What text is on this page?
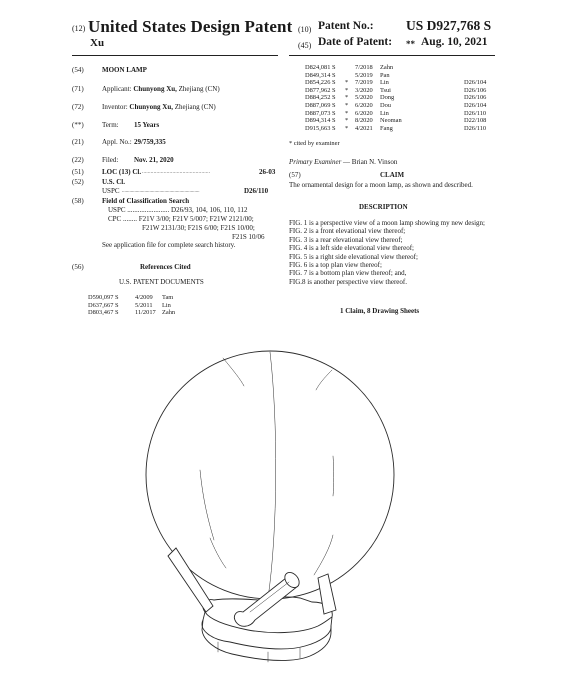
(12) United States Design Patent
Xu
(10) Patent No.: US D927,768 S
(45) Date of Patent: ** Aug. 10, 2021
(54)	MOON LAMP
(71)	Applicant: Chunyong Xu, Zhejiang (CN)
(72)	Inventor: Chunyong Xu, Zhejiang (CN)
(**)	Term: 15 Years
(21)	Appl. No.: 29/759,335
(22)	Filed: Nov. 21, 2020
(51)	LOC (13) Cl. ...............................................	26-03
(52)	U.S. Cl.
USPC ..............................................................	D26/110
(58)	Field of Classification Search
USPC ........................ D26/93, 104, 106, 110, 112
CPC ........ F21V 3/00; F21V 5/007; F21W 2121/00;
F21W 2131/30; F21S 6/00; F21S 10/00;
F21S 10/06
See application file for complete search history.
(56)	References Cited
U.S. PATENT DOCUMENTS
D590,097 S	4/2009	Tam
D637,667 S	5/2011	Lin
D803,467 S	11/2017 Zahn
D824,081 S	7/2018	Zahn
D849,314 S	5/2019	Pan
D854,226 S	*	7/2019	Lin	D26/104
D877,962 S	*	3/2020	Tsui	D26/106
D884,252 S	*	5/2020	Dong	D26/106
D887,069 S	*	6/2020	Dou	D26/104
D887,073 S	*	6/2020	Lin	D26/110
D894,314 S	*	8/2020	Neoman	D22/108
D915,663 S	*	4/2021	Fang	D26/110
* cited by examiner
Primary Examiner — Brian N. Vinson
(57)	CLAIM
The ornamental design for a moon lamp, as shown and described.
DESCRIPTION

FIG. 1 is a perspective view of a moon lamp showing my new design;

FIG. 2 is a front elevational view thereof;

FIG. 3 is a rear elevational view thereof;

FIG. 4 is a left side elevational view thereof;

FIG. 5 is a right side elevational view thereof;

FIG. 6 is a top plan view thereof;

FIG. 7 is a bottom plan view thereof; and,

FIG.8 is another perspective view thereof.

1 Claim, 8 Drawing Sheets
